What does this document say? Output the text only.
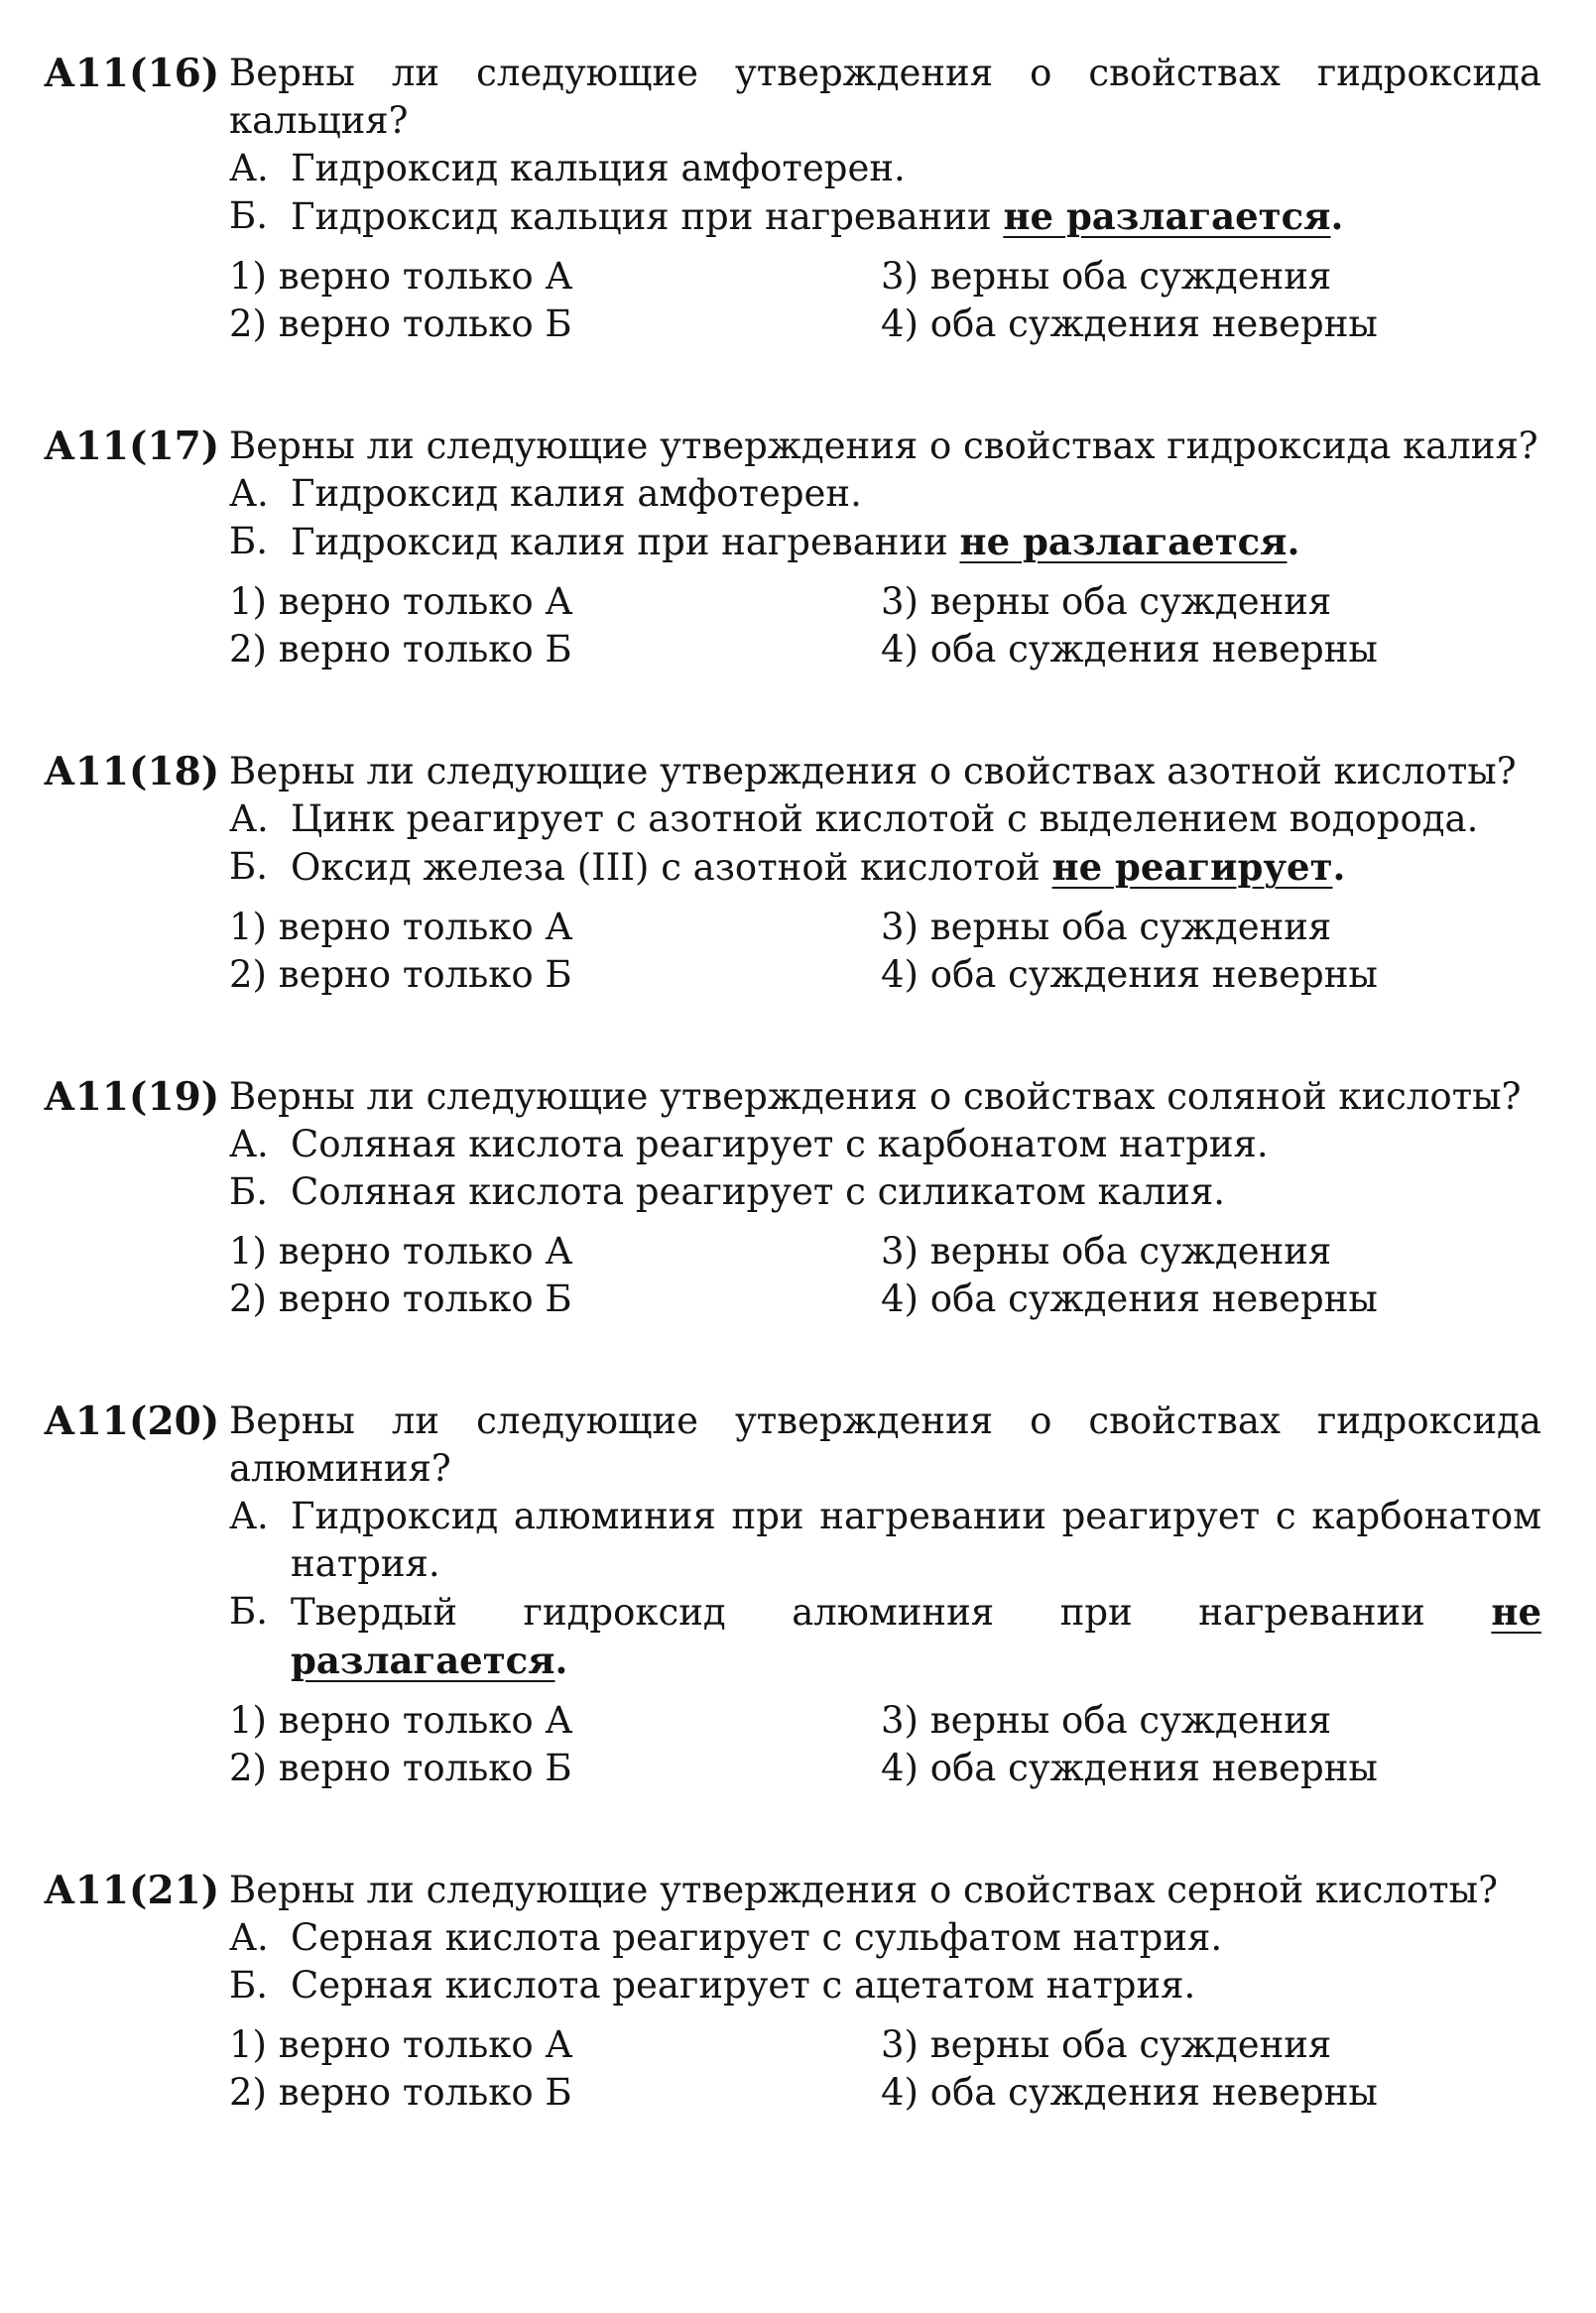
А11(16) Верны ли следующие утверждения о свойствах гидроксида кальция?
А. Гидроксид кальция амфотерен.
Б. Гидроксид кальция при нагревании не разлагается.
1) верно только А	3) верны оба суждения
2) верно только Б	4) оба суждения неверны
А11(17) Верны ли следующие утверждения о свойствах гидроксида калия?
А. Гидроксид калия амфотерен.
Б. Гидроксид калия при нагревании не разлагается.
1) верно только А	3) верны оба суждения
2) верно только Б	4) оба суждения неверны
А11(18) Верны ли следующие утверждения о свойствах азотной кислоты?
А. Цинк реагирует с азотной кислотой с выделением водорода.
Б. Оксид железа (III) с азотной кислотой не реагирует.
1) верно только А	3) верны оба суждения
2) верно только Б	4) оба суждения неверны
А11(19) Верны ли следующие утверждения о свойствах соляной кислоты?
А. Соляная кислота реагирует с карбонатом натрия.
Б. Соляная кислота реагирует с силикатом калия.
1) верно только А	3) верны оба суждения
2) верно только Б	4) оба суждения неверны
А11(20) Верны ли следующие утверждения о свойствах гидроксида алюминия?
А. Гидроксид алюминия при нагревании реагирует с карбонатом натрия.
Б. Твердый гидроксид алюминия при нагревании не разлагается.
1) верно только А	3) верны оба суждения
2) верно только Б	4) оба суждения неверны
А11(21) Верны ли следующие утверждения о свойствах серной кислоты?
А. Серная кислота реагирует с сульфатом натрия.
Б. Серная кислота реагирует с ацетатом натрия.
1) верно только А	3) верны оба суждения
2) верно только Б	4) оба суждения неверны
